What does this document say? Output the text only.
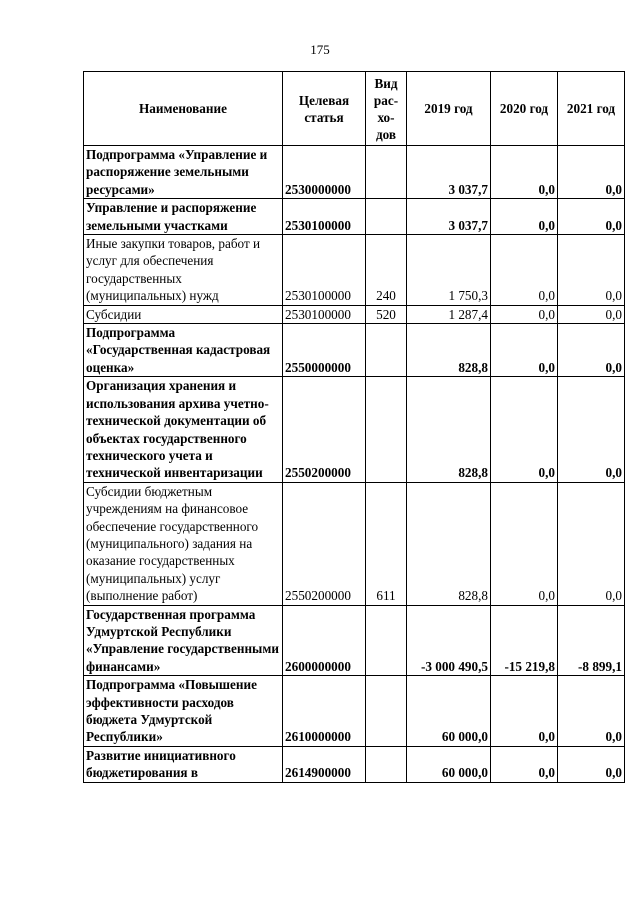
175
Наименование	Целевая статья	Вид рас-хо-дов	2019 год	2020 год	2021 год
Подпрограмма «Управление и распоряжение земельными ресурсами»	2530000000		3 037,7	0,0	0,0
Управление и распоряжение земельными участками	2530100000		3 037,7	0,0	0,0
Иные закупки товаров, работ и услуг для обеспечения государственных (муниципальных) нужд	2530100000	240	1 750,3	0,0	0,0
Субсидии	2530100000	520	1 287,4	0,0	0,0
Подпрограмма «Государственная кадастровая оценка»	2550000000		828,8	0,0	0,0
Организация хранения и использования архива учетно-технической документации об объектах государственного технического учета и технической инвентаризации	2550200000		828,8	0,0	0,0
Субсидии бюджетным учреждениям на финансовое обеспечение государственного (муниципального) задания на оказание государственных (муниципальных) услуг (выполнение работ)	2550200000	611	828,8	0,0	0,0
Государственная программа Удмуртской Республики «Управление государственными финансами»	2600000000		-3 000 490,5	-15 219,8	-8 899,1
Подпрограмма «Повышение эффективности расходов бюджета Удмуртской Республики»	2610000000		60 000,0	0,0	0,0
Развитие инициативного бюджетирования в	2614900000		60 000,0	0,0	0,0
